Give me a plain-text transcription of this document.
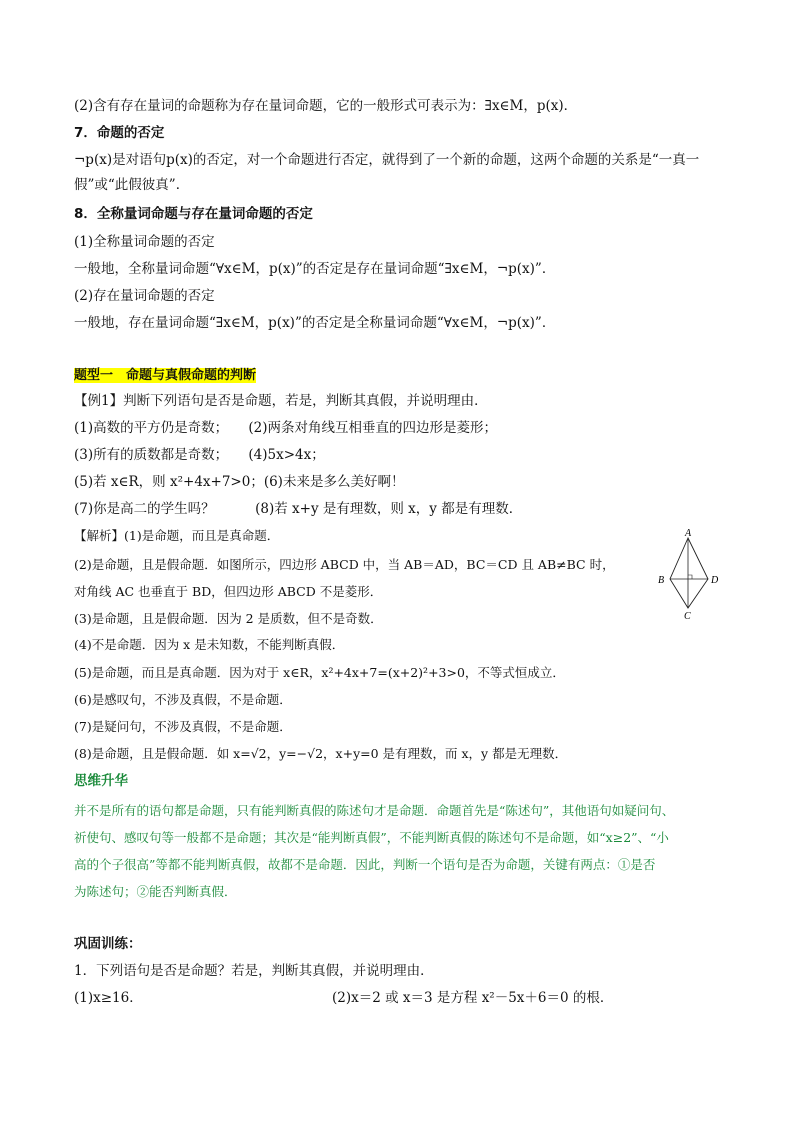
(2)含有存在量词的命题称为存在量词命题，它的一般形式可表示为：∃x∈M，p(x)．
7．命题的否定
¬p(x)是对语句p(x)的否定，对一个命题进行否定，就得到了一个新的命题，这两个命题的关系是“一真一
假”或“此假彼真”．
8．全称量词命题与存在量词命题的否定
(1)全称量词命题的否定
一般地，全称量词命题“∀x∈M，p(x)”的否定是存在量词命题“∃x∈M，¬p(x)”．
(2)存在量词命题的否定
一般地，存在量词命题“∃x∈M，p(x)”的否定是全称量词命题“∀x∈M，¬p(x)”．
题型一　命题与真假命题的判断
【例1】判断下列语句是否是命题，若是，判断其真假，并说明理由．
(1)高数的平方仍是奇数；　　(2)两条对角线互相垂直的四边形是菱形；
(3)所有的质数都是奇数；　　(4)5x>4x；
(5)若 x∈R，则 x²+4x+7>0；(6)未来是多么美好啊！
(7)你是高二的学生吗？　　　(8)若 x+y 是有理数，则 x，y 都是有理数．
【解析】(1)是命题，而且是真命题．
(2)是命题，且是假命题．如图所示，四边形 ABCD 中，当 AB＝AD，BC＝CD 且 AB≠BC 时，
对角线 AC 也垂直于 BD，但四边形 ABCD 不是菱形．
(3)是命题，且是假命题．因为 2 是质数，但不是奇数．
(4)不是命题．因为 x 是未知数，不能判断真假．
(5)是命题，而且是真命题．因为对于 x∈R，x²+4x+7=(x+2)²+3>0，不等式恒成立．
(6)是感叹句，不涉及真假，不是命题．
(7)是疑问句，不涉及真假，不是命题．
(8)是命题，且是假命题．如 x=√2，y=−√2，x+y=0 是有理数，而 x，y 都是无理数．
A
B
C
D
思维升华
并不是所有的语句都是命题，只有能判断真假的陈述句才是命题．命题首先是“陈述句”，其他语句如疑问句、
祈使句、感叹句等一般都不是命题；其次是“能判断真假”，不能判断真假的陈述句不是命题，如“x≥2”、“小
高的个子很高”等都不能判断真假，故都不是命题．因此，判断一个语句是否为命题，关键有两点：①是否
为陈述句；②能否判断真假．
巩固训练：
1．下列语句是否是命题？若是，判断其真假，并说明理由．
(1)x≥16．	(2)x＝2 或 x＝3 是方程 x²－5x＋6＝0 的根．
